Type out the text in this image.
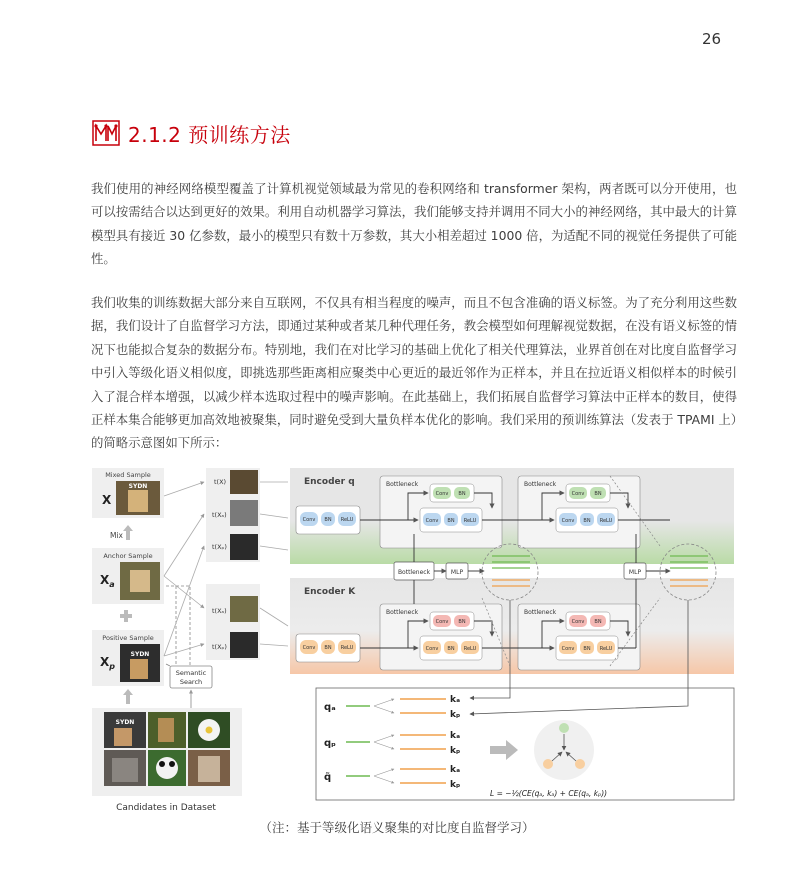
26
2.1.2 预训练方法
我们使用的神经网络模型覆盖了计算机视觉领域最为常见的卷积网络和 transformer 架构，两者既可以分开使用，也可以按需结合以达到更好的效果。利用自动机器学习算法，我们能够支持并调用不同大小的神经网络，其中最大的计算模型具有接近 30 亿参数，最小的模型只有数十万参数，其大小相差超过 1000 倍，为适配不同的视觉任务提供了可能性。
我们收集的训练数据大部分来自互联网，不仅具有相当程度的噪声，而且不包含准确的语义标签。为了充分利用这些数据，我们设计了自监督学习方法，即通过某种或者某几种代理任务，教会模型如何理解视觉数据，在没有语义标签的情况下也能拟合复杂的数据分布。特别地，我们在对比学习的基础上优化了相关代理算法，业界首创在对比度自监督学习中引入等级化语义相似度，即挑选那些距离相应聚类中心更近的最近邻作为正样本，并且在拉近语义相似样本的时候引入了混合样本增强，以减少样本选取过程中的噪声影响。在此基础上，我们拓展自监督学习算法中正样本的数目，使得正样本集合能够更加高效地被聚集，同时避免受到大量负样本优化的影响。我们采用的预训练算法（发表于 TPAMI 上）的简略示意图如下所示：
Mixed Sample
X
SYDN
Mix
Anchor Sample
$X_a$
Positive Sample
$X_p$
SYDN
SYDN
Candidates in Dataset
Semantic
Search
t(X)
t(Xₐ)
t(Xₚ)
t(Xₐ)
t(Xₚ)
Encoder q
Encoder K
Conv BN ReLU
Bottleneck
Conv BN
Conv BN ReLU
Bottleneck
Conv BN
Conv BN ReLU
Conv BN ReLU
Bottleneck
Conv BN
Conv BN ReLU
Bottleneck
Conv BN
Conv BN ReLU
Bottleneck	MLP	MLP
qₐ
qₚ
q̃
kₐ
kₚ
kₐ
kₚ
kₐ
kₚ
L = −½(CE(qₐ, kₐ) + CE(qₐ, kₚ))
（注：基于等级化语义聚集的对比度自监督学习）
